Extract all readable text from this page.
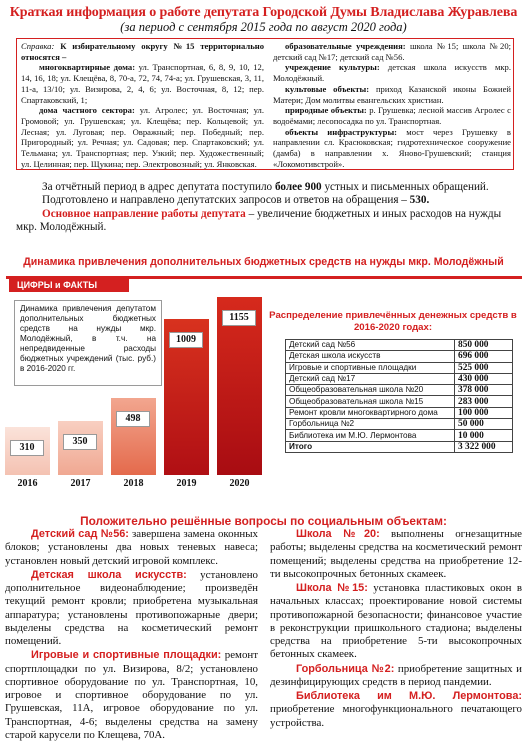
Краткая информация о работе депутата Городской Думы Владислава Журавлева
(за период с сентября 2015 года по август 2020 года)

Справка: К избирательному округу №15 территориально относятся –

многоквартирные дома: ул. Транспортная, 6, 8, 9, 10, 12, 14, 16, 18; ул. Клещёва, 8, 70-а, 72, 74, 74-а; ул. Грушевская, 3, 11, 11-а, 13/10; ул. Визирова, 2, 4, 6; ул. Восточная, 8, 12; пер. Спартаковский, 1;

дома частного сектора: ул. Агролес; ул. Восточная; ул. Громовой; ул. Грушевская; ул. Клещёва; пер. Кольцевой; ул. Лесная; ул. Луговая; пер. Овражный; пер. Победный; пер. Пригородный; ул. Речная; ул. Садовая; пер. Спартаковский; ул. Тельмана; ул. Транспортная; пер. Узкий; пер. Художественный; ул. Целинная; пер. Щукина; пер. Электровозный; ул. Янковская.

образовательные учреждения: школа №15; школа №20; детский сад №17; детский сад №56.

учреждение культуры: детская школа искусств мкр. Молодёжный.

культовые объекты: приход Казанской иконы Божией Матери; Дом молитвы евангельских христиан.

природные объекты: р. Грушевка; лесной массив Агролес с водоёмами; лесопосадка по ул. Транспортная.

объекты инфраструктуры: мост через Грушевку в направлении сл. Красюковская; гидротехническое сооружение (дамба) в направлении х. Яново-Грушевский; станция «Локомотивстрой».

За отчётный период в адрес депутата поступило более 900 устных и письменных обращений.

Подготовлено и направлено депутатских запросов и ответов на обращения – 530.

Основное направление работы депутата – увеличение бюджетных и иных расходов на нужды мкр. Молодёжный.

Динамика привлечения дополнительных бюджетных средств на нужды мкр. Молодёжный
ЦИФРЫ и ФАКТЫ
310
2016
350
2017
498
2018
1009
2019
1155
2020
Динамика привлечения депутатом дополнительных бюджетных средств на нужды мкр. Молодёжный, в т.ч. на непредвиденные расходы бюджетных учреждений (тыс. руб.) в 2016-2020 гг.
Распределение привлечённых денежных средств в 2016-2020 годах:
Детский сад №56	850 000
Детская школа искусств	696 000
Игровые и спортивные площадки	525 000
Детский сад №17	430 000
Общеобразовательная школа №20	378 000
Общеобразовательная школа №15	283 000
Ремонт кровли многоквартирного дома	100 000
Горбольница №2	50 000
Библиотека им М.Ю. Лермонтова	10 000
Итого	3 322 000
Положительно решённые вопросы по социальным объектам:

Детский сад №56: завершена замена оконных блоков; установлены два новых теневых навеса; установлен новый детский игровой комплекс.

Детская школа искусств: установлено дополнительное видеонаблюдение; произведён текущий ремонт кровли; приобретена музыкальная аппаратура; установлены противопожарные двери; выделены средства на косметический ремонт помещений.

Игровые и спортивные площадки: ремонт спортплощадки по ул. Визирова, 8/2; установлено спортивное оборудование по ул. Транспортная, 10, игровое и спортивное оборудование по ул. Грушевская, 11А, игровое оборудование по ул. Транспортная, 4-6; выделены средства на замену старой карусели по Клещева, 70А.

Школа №20: выполнены огнезащитные работы; выделены средства на косметический ремонт помещений; выделены средства на приобретение 12-ти высокопрочных бетонных скамеек.

Школа №15: установка пластиковых окон в начальных классах; проектирование новой системы противопожарной безопасности; финансовое участие в реконструкции пришкольного стадиона; выделены средства на приобретение 5-ти высокопрочных бетонных скамеек.

Горбольница №2: приобретение защитных и дезинфицирующих средств в период пандемии.

Библиотека им М.Ю. Лермонтова: приобретение многофункционального печатающего устройства.
